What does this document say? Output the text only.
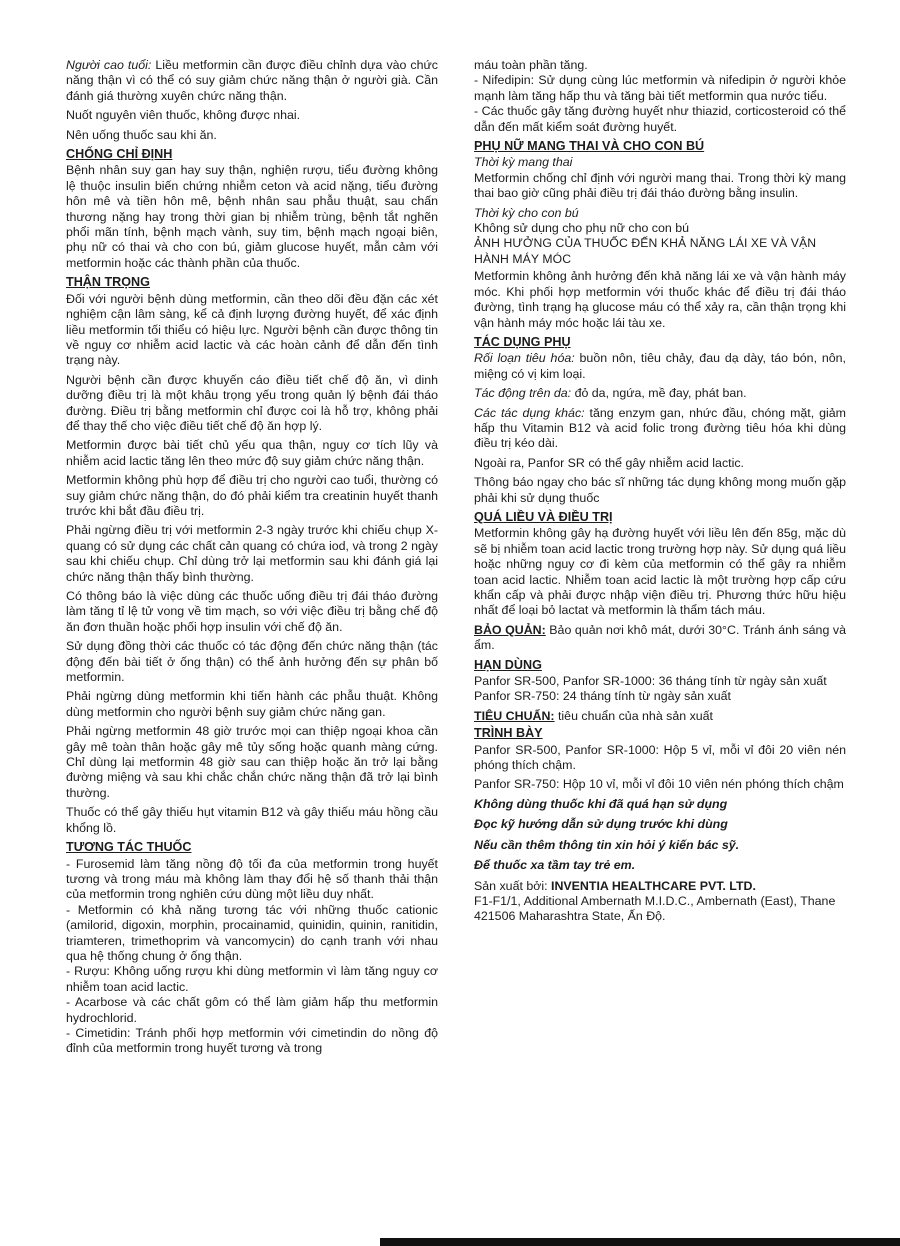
Người cao tuổi: Liều metformin cần được điều chỉnh dựa vào chức năng thận vì có thể có suy giảm chức năng thận ở người già. Cần đánh giá thường xuyên chức năng thận.

Nuốt nguyên viên thuốc, không được nhai.

Nên uống thuốc sau khi ăn.

CHỐNG CHỈ ĐỊNH

Bệnh nhân suy gan hay suy thận, nghiện rượu, tiểu đường không lệ thuộc insulin biến chứng nhiễm ceton và acid nặng, tiểu đường hôn mê và tiền hôn mê, bệnh nhân sau phẫu thuật, sau chấn thương nặng hay trong thời gian bị nhiễm trùng, bệnh tắt nghẽn phổi mãn tính, bệnh mạch vành, suy tim, bệnh mạch ngoại biên, phụ nữ có thai và cho con bú, giảm glucose huyết, mẫn cảm với metformin hoặc các thành phần của thuốc.

THẬN TRỌNG

Đối với người bệnh dùng metformin, cần theo dõi đều đặn các xét nghiệm cận lâm sàng, kể cả định lượng đường huyết, để xác định liều metformin tối thiểu có hiệu lực. Người bệnh cần được thông tin về nguy cơ nhiễm acid lactic và các hoàn cảnh để dẫn đến tình trạng này.

Người bệnh cần được khuyến cáo điều tiết chế độ ăn, vì dinh dưỡng điều trị là một khâu trọng yếu trong quản lý bệnh đái tháo đường. Điều trị bằng metformin chỉ được coi là hỗ trợ, không phải để thay thế cho việc điều tiết chế độ ăn hợp lý.

Metformin được bài tiết chủ yếu qua thận, nguy cơ tích lũy và nhiễm acid lactic tăng lên theo mức độ suy giảm chức năng thận.

Metformin không phù hợp để điều trị cho người cao tuổi, thường có suy giảm chức năng thận, do đó phải kiểm tra creatinin huyết thanh trước khi bắt đầu điều trị.

Phải ngừng điều trị với metformin 2-3 ngày trước khi chiếu chụp X-quang có sử dụng các chất cản quang có chứa iod, và trong 2 ngày sau khi chiếu chụp. Chỉ dùng trở lại metformin sau khi đánh giá lại chức năng thận thấy bình thường.

Có thông báo là việc dùng các thuốc uống điều trị đái tháo đường làm tăng tỉ lệ tử vong về tim mạch, so với việc điều trị bằng chế độ ăn đơn thuần hoặc phối hợp insulin với chế độ ăn.

Sử dụng đồng thời các thuốc có tác động đến chức năng thận (tác động đến bài tiết ở ống thận) có thể ảnh hưởng đến sự phân bố metformin.

Phải ngừng dùng metformin khi tiến hành các phẫu thuật. Không dùng metformin cho người bệnh suy giảm chức năng gan.

Phải ngừng metformin 48 giờ trước mọi can thiệp ngoại khoa cần gây mê toàn thân hoặc gây mê tủy sống hoặc quanh màng cứng. Chỉ dùng lại metformin 48 giờ sau can thiệp hoặc ăn trở lại bằng đường miệng và sau khi chắc chắn chức năng thận đã trở lại bình thường.

Thuốc có thể gây thiếu hụt vitamin B12 và gây thiếu máu hồng cầu khổng lồ.

TƯƠNG TÁC THUỐC

- Furosemid làm tăng nồng độ tối đa của metformin trong huyết tương và trong máu mà không làm thay đổi hệ số thanh thải thận của metformin trong nghiên cứu dùng một liều duy nhất.

- Metformin có khả năng tương tác với những thuốc cationic (amilorid, digoxin, morphin, procainamid, quinidin, quinin, ranitidin, triamteren, trimethoprim và vancomycin) do cạnh tranh với nhau qua hệ thống chung ở ống thận.

- Rượu: Không uống rượu khi dùng metformin vì làm tăng nguy cơ nhiễm toan acid lactic.

- Acarbose và các chất gôm có thể làm giảm hấp thu metformin hydrochlorid.

- Cimetidin: Tránh phối hợp metformin với cimetindin do nồng độ đỉnh của metformin trong huyết tương và trong

máu toàn phần tăng.

- Nifedipin: Sử dụng cùng lúc metformin và nifedipin ở người khỏe mạnh làm tăng hấp thu và tăng bài tiết metformin qua nước tiểu.

- Các thuốc gây tăng đường huyết như thiazid, corticosteroid có thể dẫn đến mất kiểm soát đường huyết.

PHỤ NỮ MANG THAI VÀ CHO CON BÚ

Thời kỳ mang thai

Metformin chống chỉ định với người mang thai. Trong thời kỳ mang thai bao giờ cũng phải điều trị đái tháo đường bằng insulin.

Thời kỳ cho con bú

Không sử dụng cho phụ nữ cho con bú

ẢNH HƯỞNG CỦA THUỐC ĐẾN KHẢ NĂNG LÁI XE VÀ VẬN HÀNH MÁY MÓC

Metformin không ảnh hưởng đến khả năng lái xe và vận hành máy móc. Khi phối hợp metformin với thuốc khác để điều trị đái tháo đường, tình trạng hạ glucose máu có thể xảy ra, cần thận trọng khi vận hành máy móc hoặc lái tàu xe.

TÁC DỤNG PHỤ

Rối loạn tiêu hóa: buồn nôn, tiêu chảy, đau dạ dày, táo bón, nôn, miệng có vị kim loại.

Tác động trên da: đỏ da, ngứa, mề đay, phát ban.

Các tác dụng khác: tăng enzym gan, nhức đầu, chóng mặt, giảm hấp thu Vitamin B12 và acid folic trong đường tiêu hóa khi dùng điều trị kéo dài.

Ngoài ra, Panfor SR có thể gây nhiễm acid lactic.

Thông báo ngay cho bác sĩ những tác dụng không mong muốn gặp phải khi sử dụng thuốc

QUÁ LIỀU VÀ ĐIỀU TRỊ

Metformin không gây hạ đường huyết với liều lên đến 85g, mặc dù sẽ bị nhiễm toan acid lactic trong trường hợp này. Sử dụng quá liều hoặc những nguy cơ đi kèm của metformin có thể gây ra nhiễm toan acid lactic. Nhiễm toan acid lactic là một trường hợp cấp cứu khẩn cấp và phải được nhập viện điều trị. Phương thức hữu hiệu nhất để loại bỏ lactat và metformin là thẩm tách máu.

BẢO QUẢN: Bảo quản nơi khô mát, dưới 30°C. Tránh ánh sáng và ẩm.

HẠN DÙNG

Panfor SR-500, Panfor SR-1000: 36 tháng tính từ ngày sản xuất

Panfor SR-750: 24 tháng tính từ ngày sản xuất

TIÊU CHUẨN: tiêu chuẩn của nhà sản xuất

TRÌNH BÀY

Panfor SR-500, Panfor SR-1000: Hộp 5 vỉ, mỗi vỉ đôi 20 viên nén phóng thích chậm.

Panfor SR-750: Hộp 10 vỉ, mỗi vỉ đôi 10 viên nén phóng thích chậm

Không dùng thuốc khi đã quá hạn sử dụng

Đọc kỹ hướng dẫn sử dụng trước khi dùng

Nếu cần thêm thông tin xin hỏi ý kiến bác sỹ.

Để thuốc xa tầm tay trẻ em.

Sản xuất bởi: INVENTIA HEALTHCARE PVT. LTD.

F1-F1/1, Additional Ambernath M.I.D.C., Ambernath (East), Thane 421506 Maharashtra State, Ấn Độ.
